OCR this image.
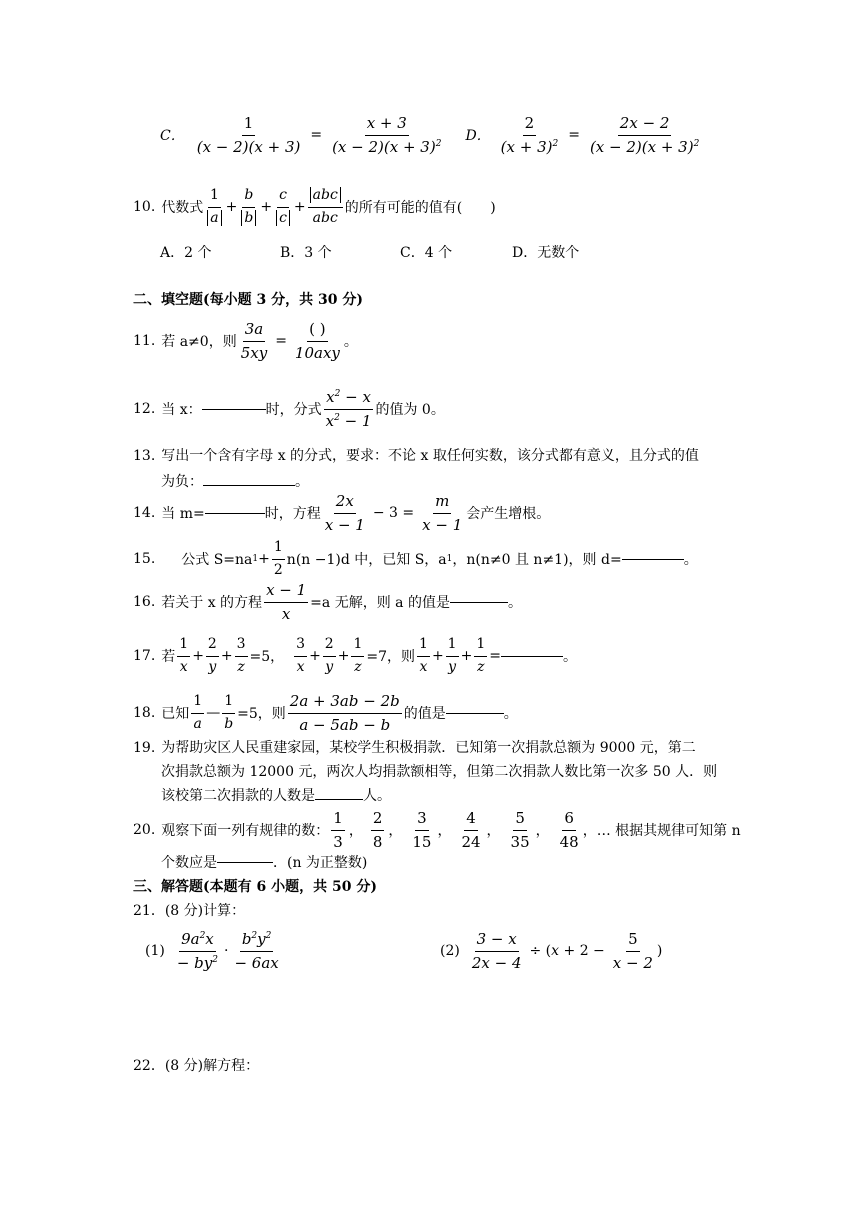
C． $\frac{1}{(x - 2)(x + 3)} = \frac{x + 3}{(x - 2)(x + 3)^2}$ D． $\frac{2}{(x + 3)^2} = \frac{2x - 2}{(x - 2)(x + 3)^2}$
10. 代数式
1
a
+ $\frac{b}{b} + \frac{c}{c}$ +
abc
abc
的所有可能的值有(　　)
A．2 个	B．3 个	C．4 个	D．无数个
二、填空题(每小题 3 分，共 30 分)
11. 若 a≠0，则 $\frac{3a}{5xy}$ =
( )
10axy
。
12. 当 x：	时，分式
$x^2 - x$
$x^2 - 1$
的值为 0。
13. 写出一个含有字母 x 的分式，要求：不论 x 取任何实数，该分式都有意义，且分式的值
为负：	。
14. 当 m=	时，方程
2x
x − 1
− $3 = \frac{m}{x - 1}$ 会产生增根。
15. 公式 S=na $1 + \frac{1}{2} n(n -1)d$ 中，已知 S，a 1 ，n(n≠0 且 n≠1)，则 d=	。
16. 若关于 x 的方程 $\frac{x - 1}{x} =a$ 无解，则 a 的值是	。
17. 若
1
x
+
2
y
+ $\frac{3}{z} =5$，
3
x
+
2
y
+ $\frac{1}{z} =7$，则
1
x
+
1
y
+ $\frac{1}{z}$ =	。
18. 已知
1
a
— $\frac{1}{b} =5$，则
2a + 3ab − 2b
a − 5ab − b
的值是	。
19. 为帮助灾区人民重建家园，某校学生积极捐款．已知第一次捐款总额为 9000 元，第二
次捐款总额为 12000 元，两次人均捐款额相等，但第二次捐款人数比第一次多 50 人．则
该校第二次捐款的人数是	人。
20. 观察下面一列有规律的数：
1
3
，
2
8
，
3
15
，
4
24
，
5
35
，
6
48
，… 根据其规律可知第 n
个数应是	．(n 为正整数)
三、解答题(本题有 6 小题，共 50 分)
21．(8 分)计算：
(1)
$9a^2x$
− $by^2$
·
$b^2y^2$
− 6ax
$(2) \frac{3 - x}{2x - 4} \div (x + 2 - \frac{5}{x - 2}$ )
22．(8 分)解方程：
